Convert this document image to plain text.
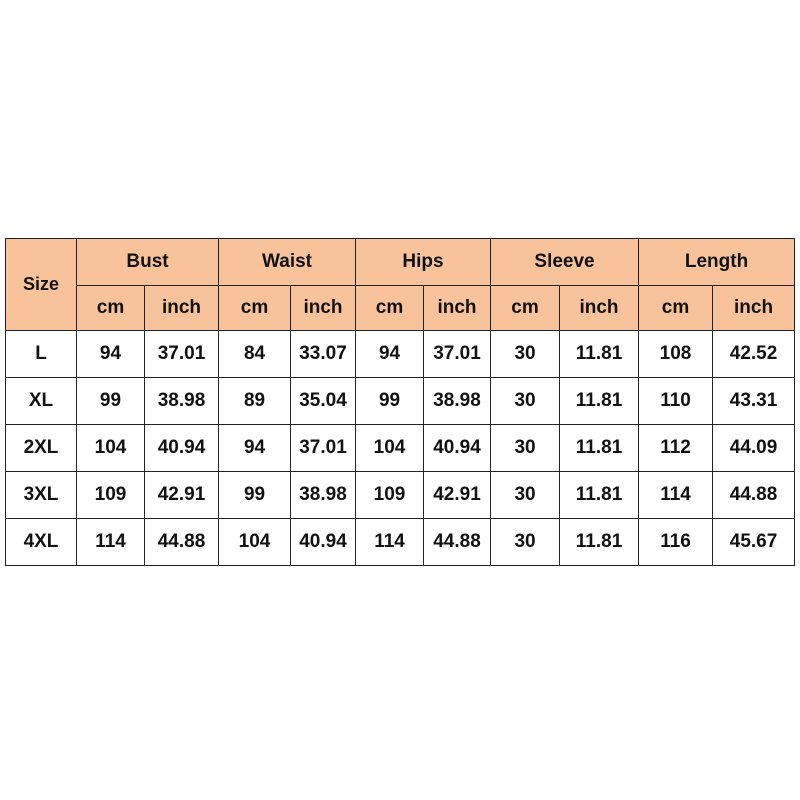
Size	Bust		Waist		Hips		Sleeve		Length	
	cm	inch	cm	inch	cm	inch	cm	inch	cm	inch
L	94	37.01	84	33.07	94	37.01	30	11.81	108	42.52
XL	99	38.98	89	35.04	99	38.98	30	11.81	110	43.31
2XL	104	40.94	94	37.01	104	40.94	30	11.81	112	44.09
3XL	109	42.91	99	38.98	109	42.91	30	11.81	114	44.88
4XL	114	44.88	104	40.94	114	44.88	30	11.81	116	45.67
